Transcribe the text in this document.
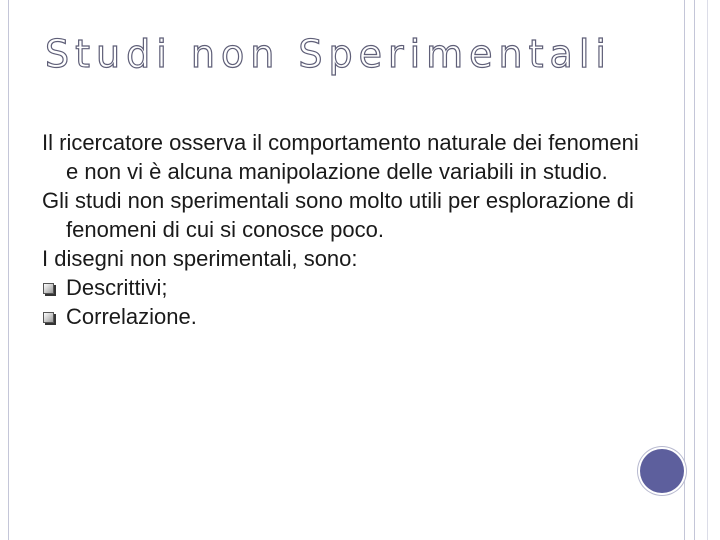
Studi non Sperimentali

Il ricercatore osserva il comportamento naturale dei fenomeni e non vi è alcuna manipolazione delle variabili in studio.

Gli studi non sperimentali sono molto utili per esplorazione di fenomeni di cui si conosce poco.

I disegni non sperimentali, sono:

Descrittivi;
Correlazione.
